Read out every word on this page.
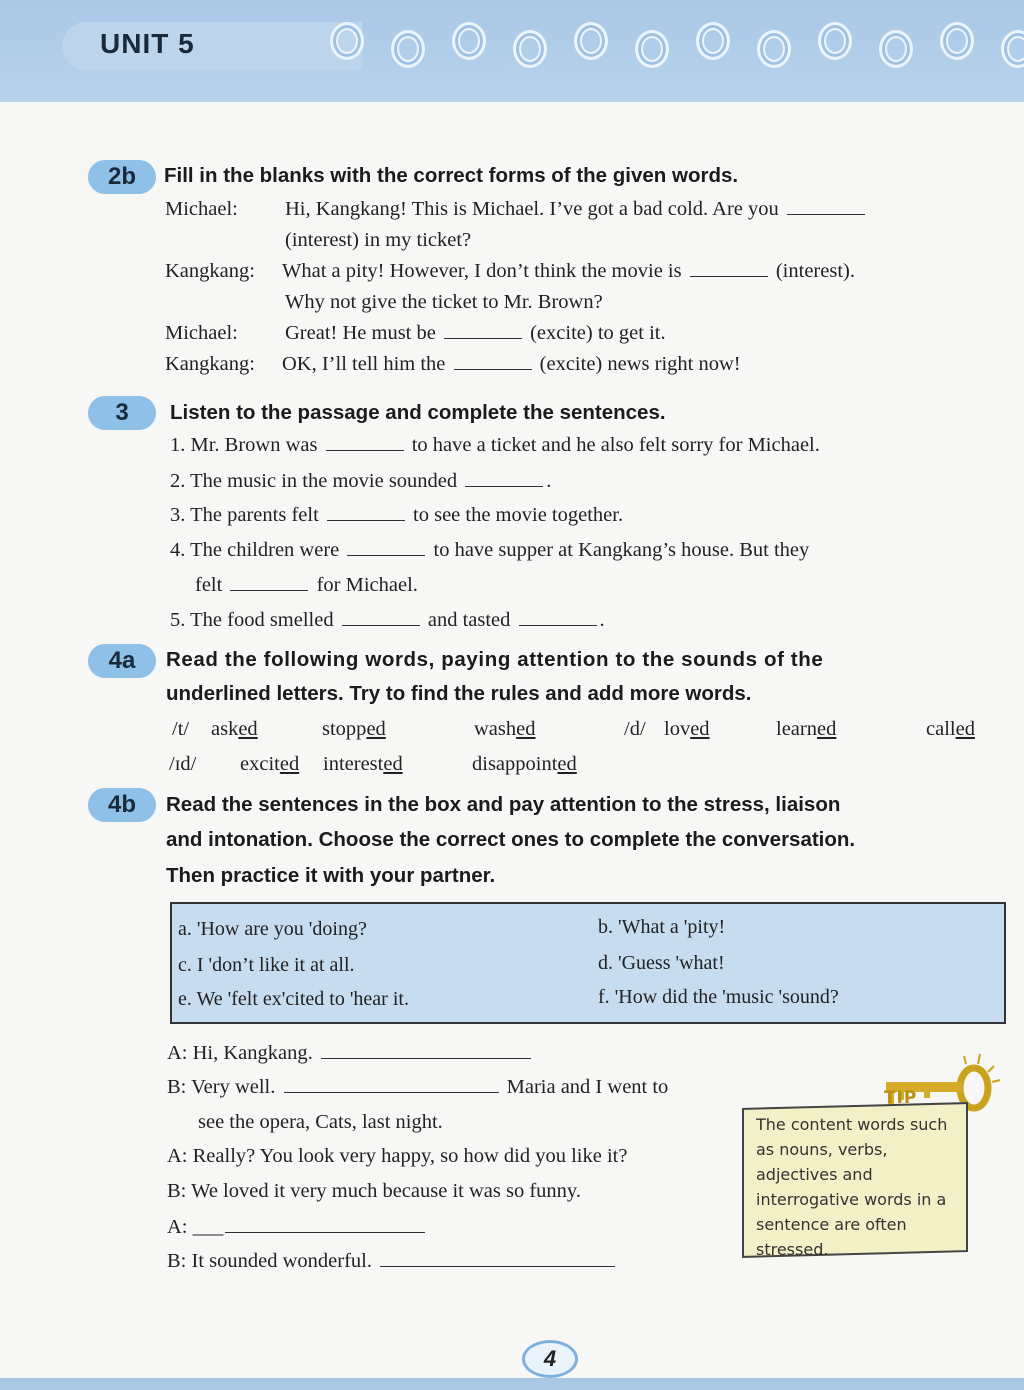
UNIT 5
2b	Fill in the blanks with the correct forms of the given words.
Michael: Hi, Kangkang! This is Michael. I’ve got a bad cold. Are you
(interest) in my ticket?
Kangkang: What a pity! However, I don’t think the movie is	(interest).
Why not give the ticket to Mr. Brown?
Michael: Great! He must be	(excite) to get it.
Kangkang: OK, I’ll tell him the	(excite) news right now!
3	Listen to the passage and complete the sentences.
1. Mr. Brown was	to have a ticket and he also felt sorry for Michael.
2. The music in the movie sounded	.
3. The parents felt	to see the movie together.
4. The children were	to have supper at Kangkang’s house. But they
felt	for Michael.
5. The food smelled	and tasted	.
4a	Read the following words, paying attention to the sounds of the
underlined letters. Try to find the rules and add more words.
/t/ asked	stopped	washed	/d/ loved	learned	called
/ɪd/ excited interested	disappointed
4b	Read the sentences in the box and pay attention to the stress, liaison
and intonation. Choose the correct ones to complete the conversation.
Then practice it with your partner.
a. 'How are you 'doing?	b. 'What a 'pity!
c. I 'don’t like it at all.	d. 'Guess 'what!
e. We 'felt ex'cited to 'hear it.	f. 'How did the 'music 'sound?
A: Hi, Kangkang.
B: Very well.	Maria and I went to
see the opera, Cats, last night.
A: Really? You look very happy, so how did you like it?
B: We loved it very much because it was so funny.
B: It sounded wonderful.
A: ___
TIP
The content words such as nouns, verbs, adjectives and interrogative words in a sentence are often stressed.
4
